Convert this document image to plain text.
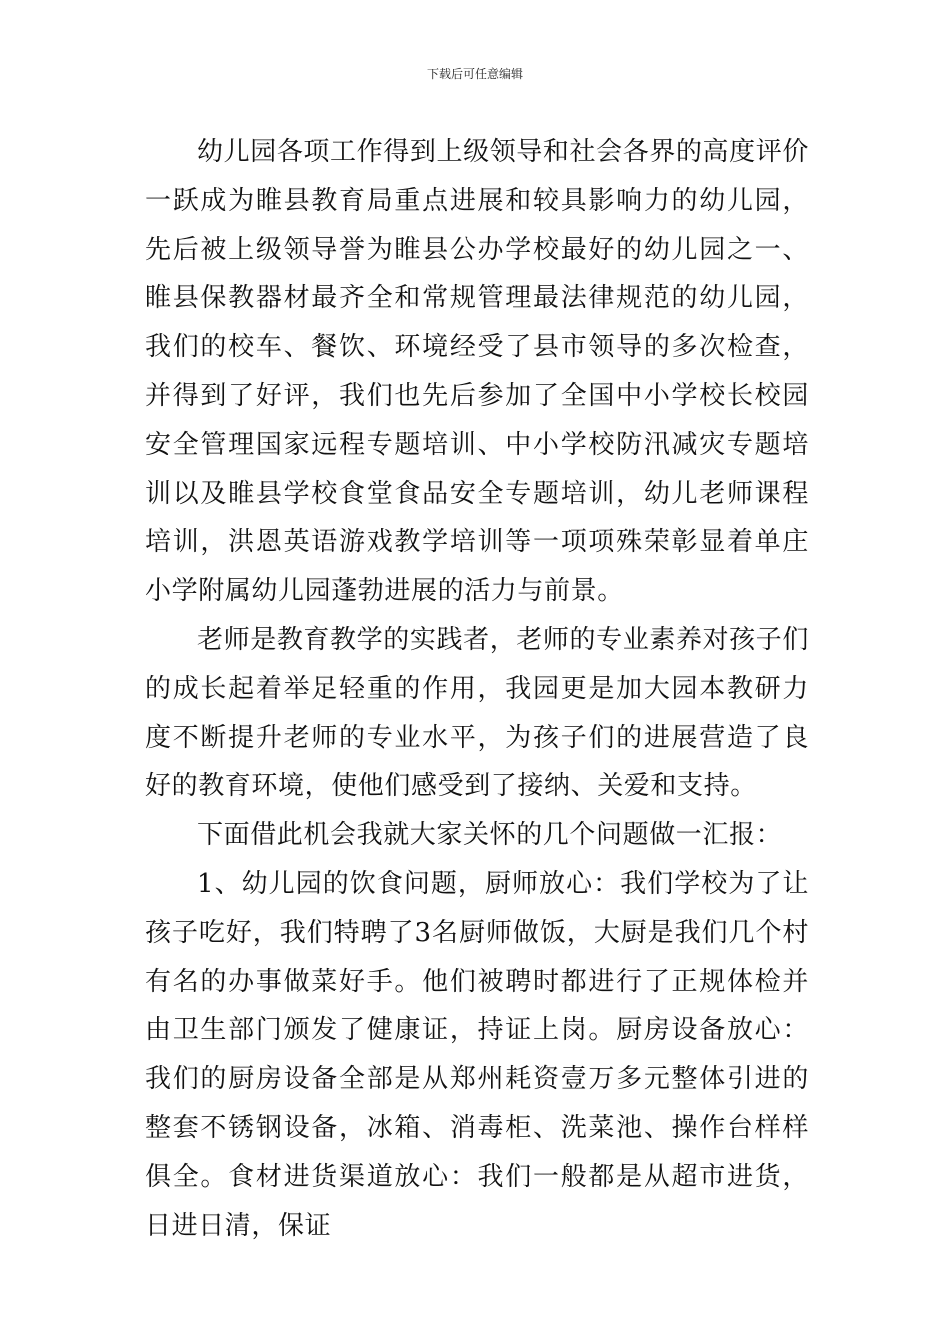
下载后可任意编辑

幼儿园各项工作得到上级领导和社会各界的高度评价一跃成为睢县教育局重点进展和较具影响力的幼儿园，先后被上级领导誉为睢县公办学校最好的幼儿园之一、睢县保教器材最齐全和常规管理最法律规范的幼儿园，我们的校车、餐饮、环境经受了县市领导的多次检查，并得到了好评，我们也先后参加了全国中小学校长校园安全管理国家远程专题培训、中小学校防汛减灾专题培训以及睢县学校食堂食品安全专题培训，幼儿老师课程培训，洪恩英语游戏教学培训等一项项殊荣彰显着单庄小学附属幼儿园蓬勃进展的活力与前景。

老师是教育教学的实践者，老师的专业素养对孩子们的成长起着举足轻重的作用，我园更是加大园本教研力度不断提升老师的专业水平，为孩子们的进展营造了良好的教育环境，使他们感受到了接纳、关爱和支持。

下面借此机会我就大家关怀的几个问题做一汇报：

1、幼儿园的饮食问题，厨师放心：我们学校为了让孩子吃好，我们特聘了3名厨师做饭，大厨是我们几个村有名的办事做菜好手。他们被聘时都进行了正规体检并由卫生部门颁发了健康证，持证上岗。厨房设备放心：我们的厨房设备全部是从郑州耗资壹万多元整体引进的整套不锈钢设备，冰箱、消毒柜、洗菜池、操作台样样俱全。食材进货渠道放心：我们一般都是从超市进货，日进日清，保证
